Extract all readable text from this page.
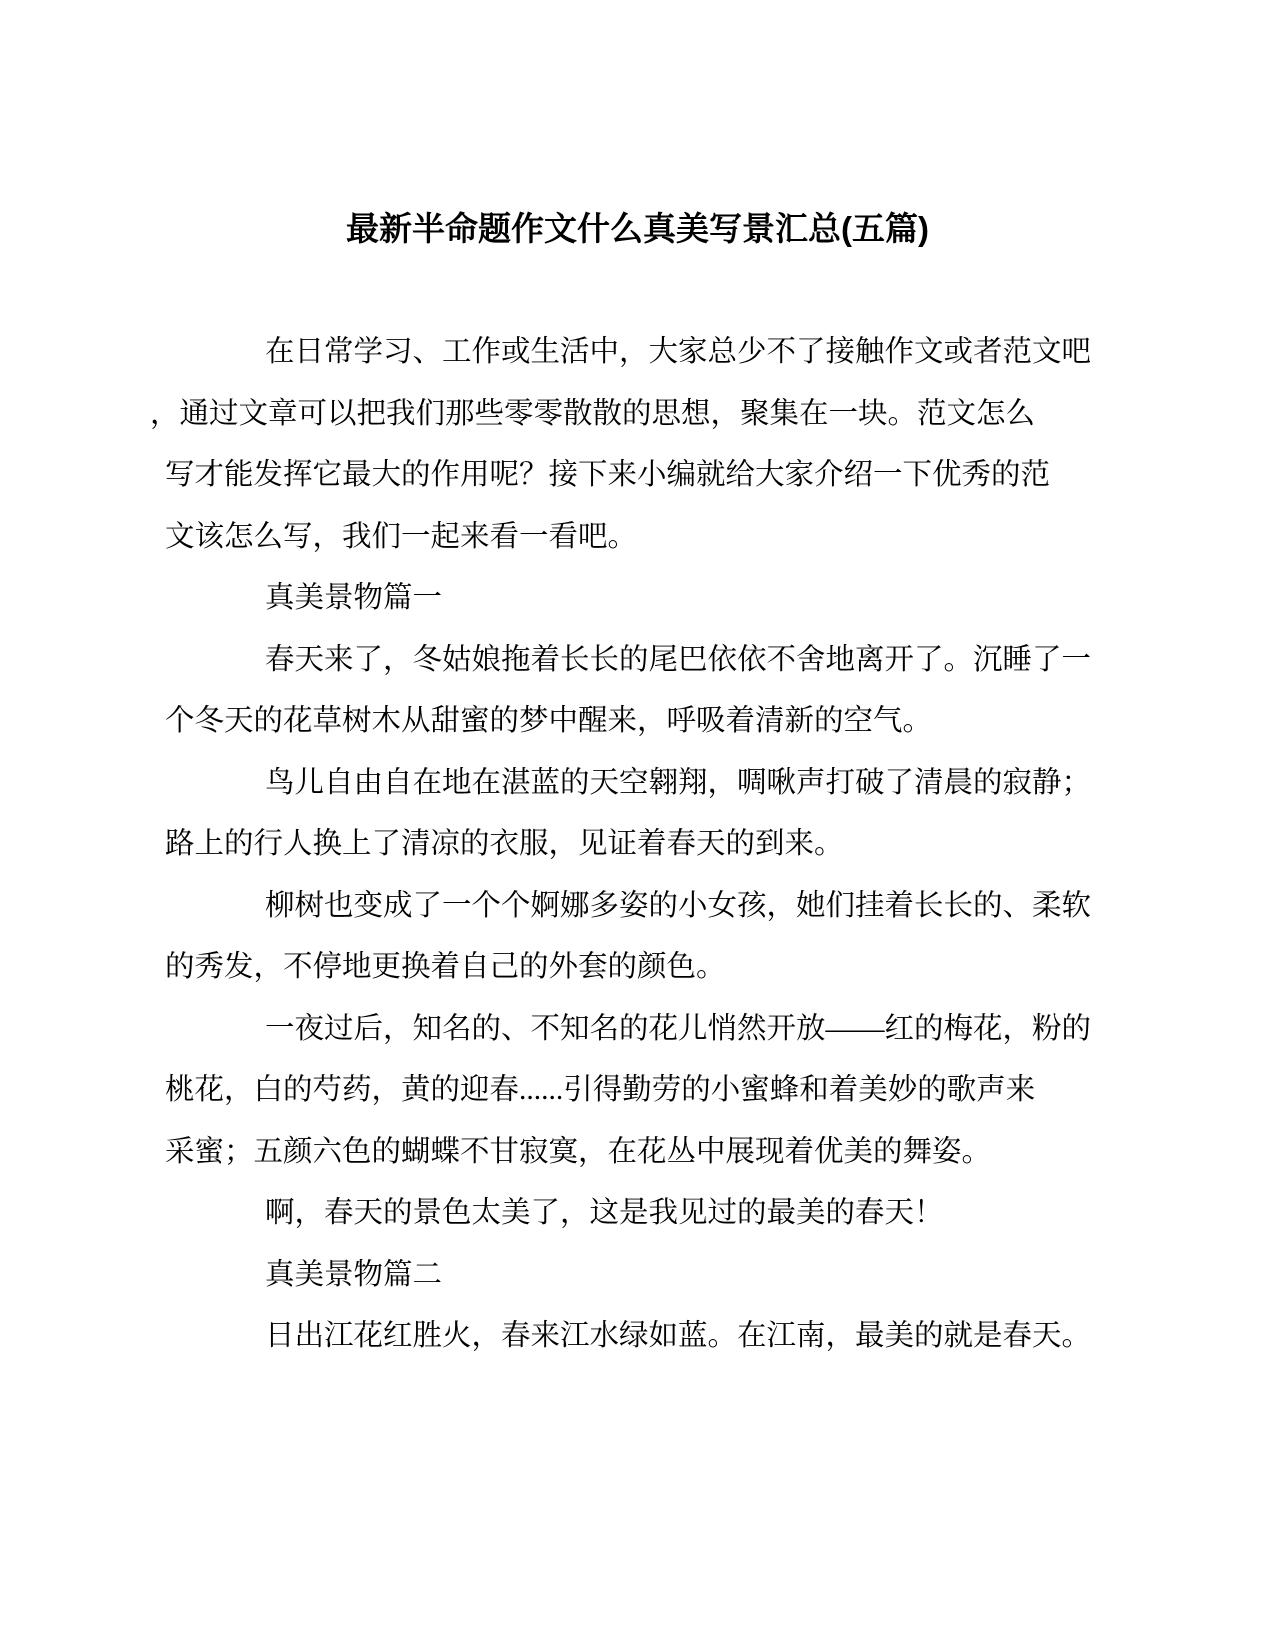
最新半命题作文什么真美写景汇总(五篇)
在日常学习、工作或生活中，大家总少不了接触作文或者范文吧
，通过文章可以把我们那些零零散散的思想，聚集在一块。范文怎么
写才能发挥它最大的作用呢？接下来小编就给大家介绍一下优秀的范
文该怎么写，我们一起来看一看吧。
真美景物篇一
春天来了，冬姑娘拖着长长的尾巴依依不舍地离开了。沉睡了一
个冬天的花草树木从甜蜜的梦中醒来，呼吸着清新的空气。
鸟儿自由自在地在湛蓝的天空翱翔，啁啾声打破了清晨的寂静；
路上的行人换上了清凉的衣服，见证着春天的到来。
柳树也变成了一个个婀娜多姿的小女孩，她们挂着长长的、柔软
的秀发，不停地更换着自己的外套的颜色。
一夜过后，知名的、不知名的花儿悄然开放——红的梅花，粉的
桃花，白的芍药，黄的迎春......引得勤劳的小蜜蜂和着美妙的歌声来
采蜜；五颜六色的蝴蝶不甘寂寞，在花丛中展现着优美的舞姿。
啊，春天的景色太美了，这是我见过的最美的春天！
真美景物篇二
日出江花红胜火，春来江水绿如蓝。在江南，最美的就是春天。
